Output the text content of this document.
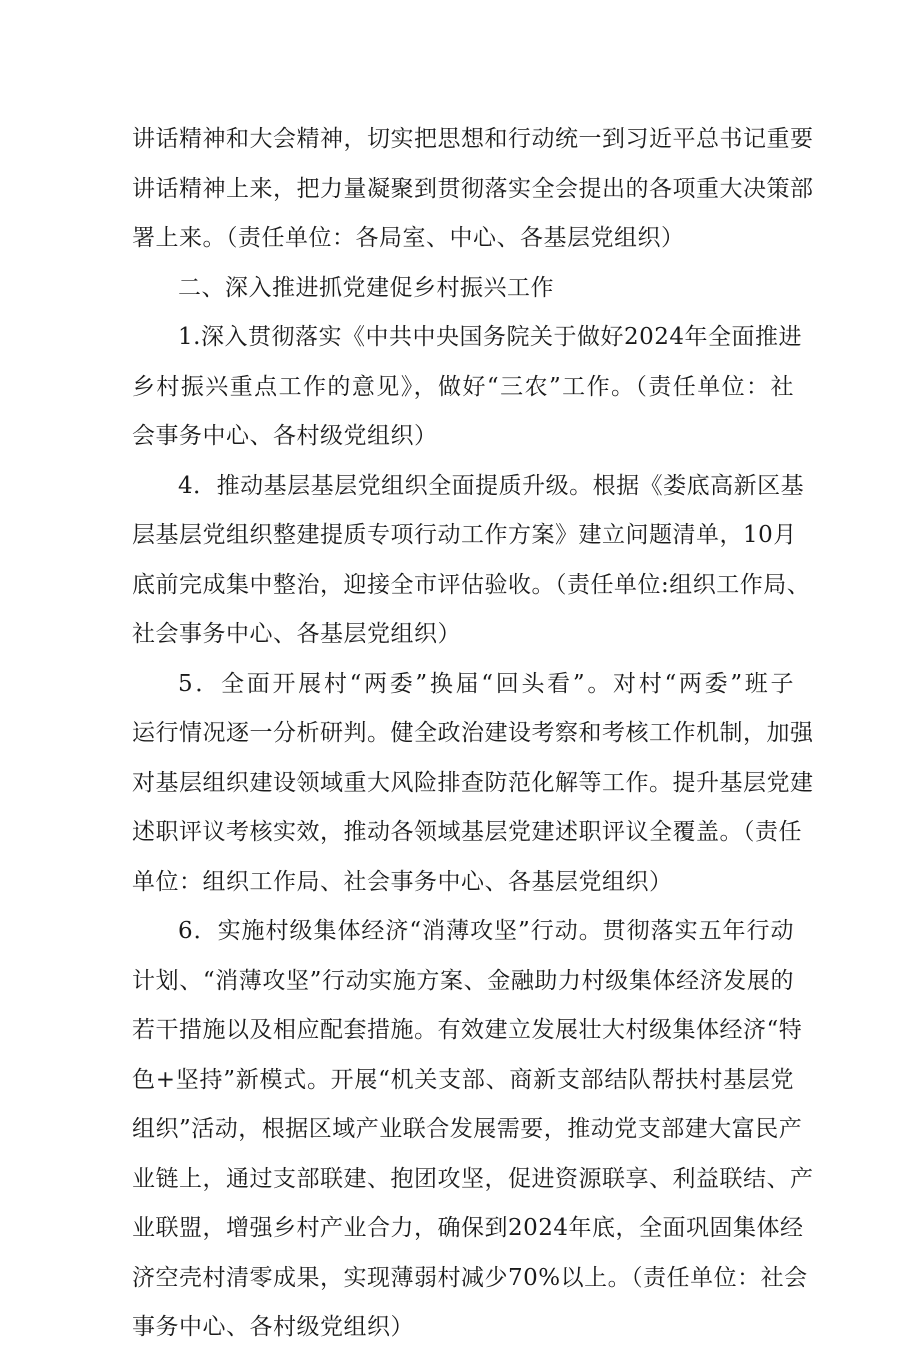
讲话精神和大会精神，切实把思想和行动统一到习近平总书记重要
讲话精神上来，把力量凝聚到贯彻落实全会提出的各项重大决策部
署上来。（责任单位：各局室、中心、各基层党组织）
二、深入推进抓党建促乡村振兴工作
1.深入贯彻落实《中共中央国务院关于做好2024年全面推进
乡村振兴重点工作的意见》，做好“三农”工作。（责任单位：社
会事务中心、各村级党组织）
4．推动基层基层党组织全面提质升级。根据《娄底高新区基
层基层党组织整建提质专项行动工作方案》建立问题清单，10月
底前完成集中整治，迎接全市评估验收。（责任单位:组织工作局、
社会事务中心、各基层党组织）
5．全面开展村“两委”换届“回头看”。对村“两委”班子
运行情况逐一分析研判。健全政治建设考察和考核工作机制，加强
对基层组织建设领域重大风险排查防范化解等工作。提升基层党建
述职评议考核实效，推动各领域基层党建述职评议全覆盖。（责任
单位：组织工作局、社会事务中心、各基层党组织）
6．实施村级集体经济“消薄攻坚”行动。贯彻落实五年行动
计划、“消薄攻坚”行动实施方案、金融助力村级集体经济发展的
若干措施以及相应配套措施。有效建立发展壮大村级集体经济“特
色+坚持”新模式。开展“机关支部、商新支部结队帮扶村基层党
组织”活动，根据区域产业联合发展需要，推动党支部建大富民产
业链上，通过支部联建、抱团攻坚，促进资源联享、利益联结、产
业联盟，增强乡村产业合力，确保到2024年底，全面巩固集体经
济空壳村清零成果，实现薄弱村减少70%以上。（责任单位：社会
事务中心、各村级党组织）
